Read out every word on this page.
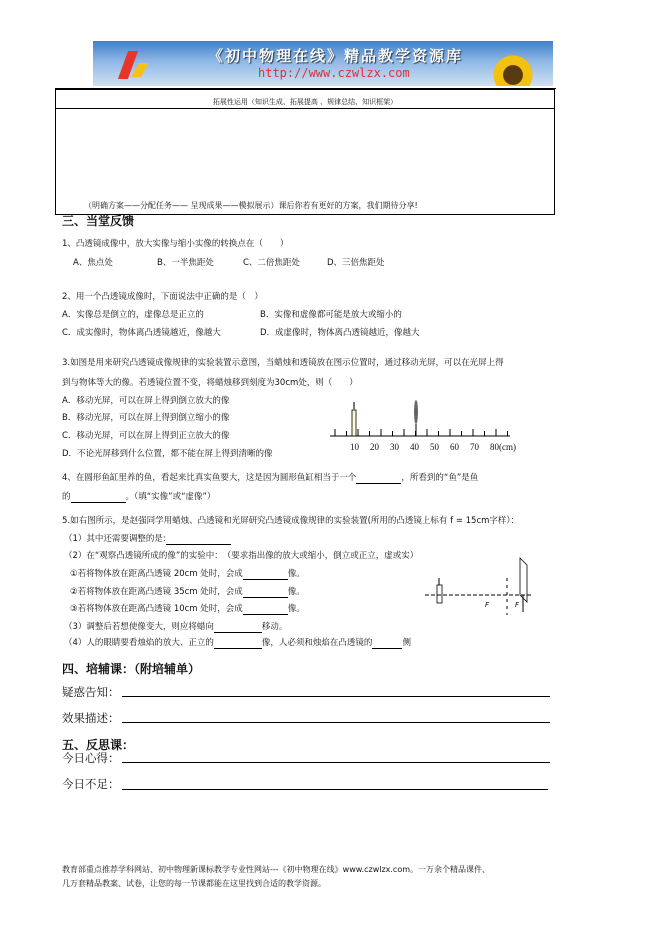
《初中物理在线》精品教学资源库
http://www.czwlzx.com
拓展性运用（知识生成、拓展提高 、规律总结、知识框架）
（明确方案——分配任务—— 呈现成果——模拟展示）课后你若有更好的方案，我们期待分享!
三、当堂反馈
1、凸透镜成像中，放大实像与缩小实像的转换点在（　　）
A、焦点处	B、一半焦距处	C、二倍焦距处	D、三倍焦距处
2、用一个凸透镜成像时，下面说法中正确的是（　）
A．实像总是倒立的，虚像总是正立的	B．实像和虚像都可能是放大或缩小的
C．成实像时，物体离凸透镜越近，像越大	D．成虚像时，物体离凸透镜越近，像越大
3.如图是用来研究凸透镜成像规律的实验装置示意图，当蜡烛和透镜放在图示位置时，通过移动光屏，可以在光屏上得
到与物体等大的像。若透镜位置不变，将蜡烛移到刻度为30cm处，则（　　）
A．移动光屏，可以在屏上得到倒立放大的像
B．移动光屏，可以在屏上得到倒立缩小的像
C．移动光屏，可以在屏上得到正立放大的像
D．不论光屏移到什么位置，都不能在屏上得到清晰的像
10 20 30 40 50 60 70 80(cm)
4、在圆形鱼缸里养的鱼，看起来比真实鱼要大，这是因为圆形鱼缸相当于一个	，所看到的“鱼”是鱼
的	。（填“实像”或“虚像”）
5.如右图所示，是赵强同学用蜡烛、凸透镜和光屏研究凸透镜成像规律的实验装置(所用的凸透镜上标有 f = 15cm字样）：
（1）其中还需要调整的是:
（2）在“观察凸透镜所成的像”的实验中：　（要求指出像的放大或缩小，倒立或正立，虚或实）
①若将物体放在距离凸透镜 20cm 处时，会成	像。
②若将物体放在距离凸透镜 35cm 处时，会成	像。
③若将物体放在距离凸透镜 10cm 处时，会成	像。
（3）调整后若想使像变大，则应将蜡向	移动。
（4）人的眼睛要看烛焰的放大、正立的	像，人必须和烛焰在凸透镜的	侧
F	F
四、培辅课：（附培辅单）
疑惑告知：
效果描述：
五、反思课：
今日心得：
今日不足：
教育部重点推荐学科网站、初中物理新课标教学专业性网站---《初中物理在线》www.czwlzx.com。一万余个精品课件、
几万套精品教案、试卷，让您的每一节课都能在这里找到合适的教学资源。
